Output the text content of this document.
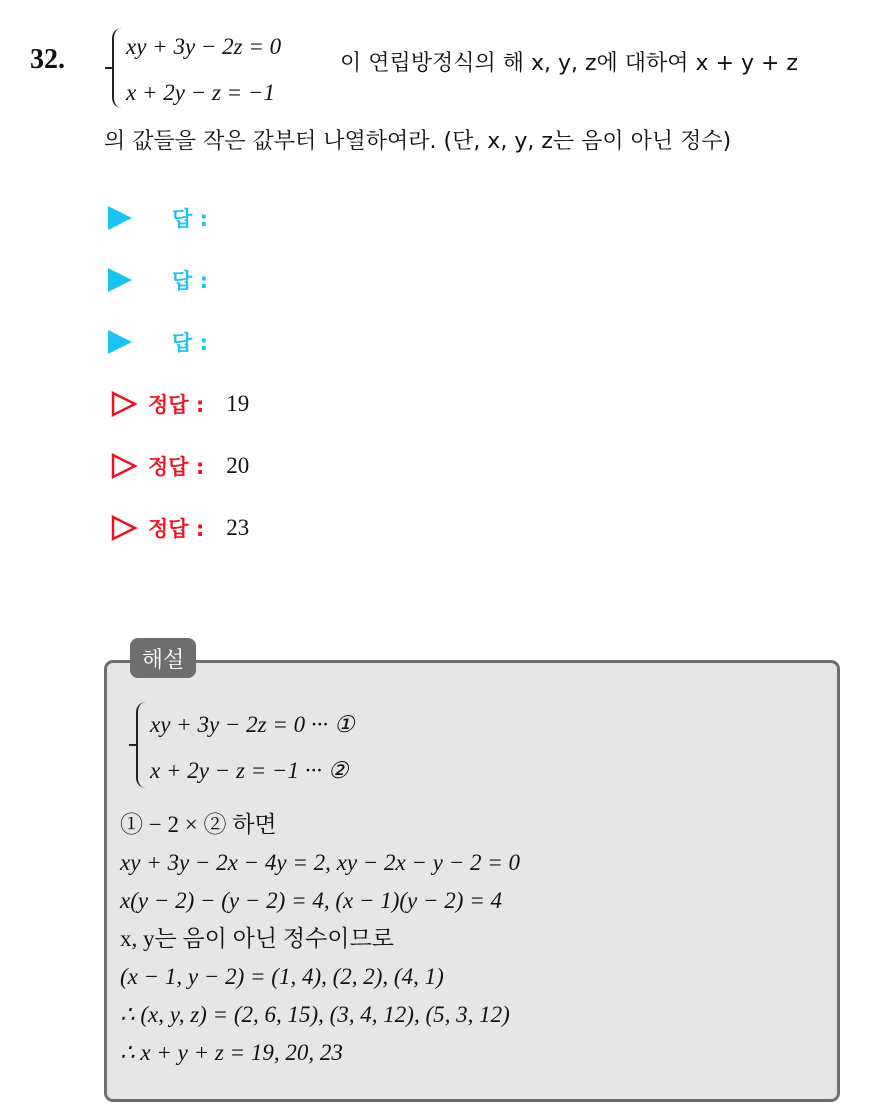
32.	xy + 3y − 2z = 0
x + 2y − z = −1
이 연립방정식의 해 x, y, z에 대하여 x + y + z
의 값들을 작은 값부터 나열하여라. (단, x, y, z는 음이 아닌 정수)
답 :
답 :
답 :
정답 : 19
정답 : 20
정답 : 23
해설
xy + 3y − 2z = 0 ··· ①
x + 2y − z = −1 ··· ②
① − 2 × ② 하면
xy + 3y − 2x − 4y = 2, xy − 2x − y − 2 = 0
x(y − 2) − (y − 2) = 4, (x − 1)(y − 2) = 4
x, y는 음이 아닌 정수이므로
(x − 1, y − 2) = (1, 4), (2, 2), (4, 1)
∴ (x, y, z) = (2, 6, 15), (3, 4, 12), (5, 3, 12)
∴ x + y + z = 19, 20, 23
